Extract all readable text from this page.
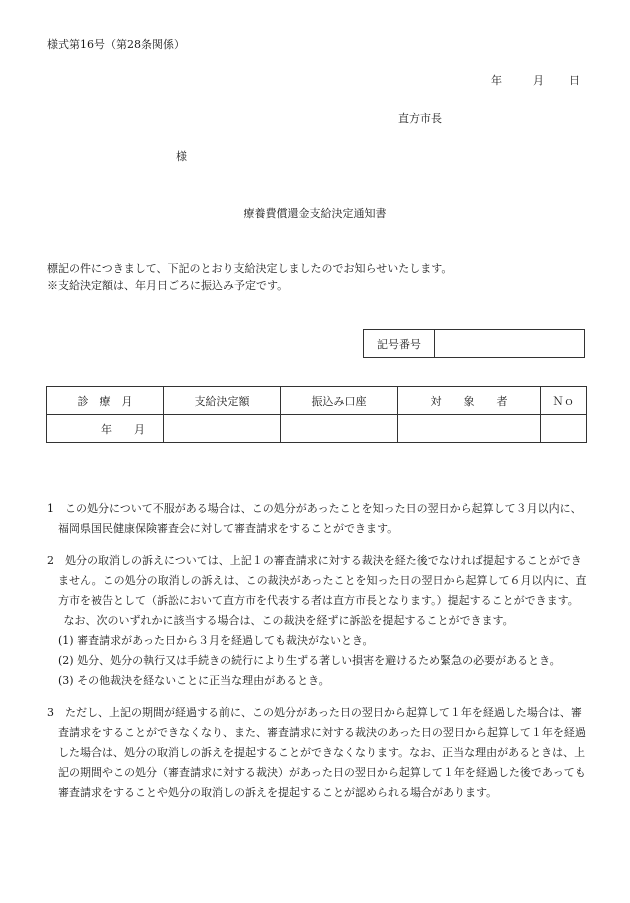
様式第16号（第28条関係）
年	月 日
直方市長
様
療養費償還金支給決定通知書
標記の件につきまして、下記のとおり支給決定しましたのでお知らせいたします。
※支給決定額は、年月日ごろに振込み予定です。
記号番号
診　療　月	支給決定額	振込み口座	対　　象　　者	Ｎｏ
年　　月				

1　この処分について不服がある場合は、この処分があったことを知った日の翌日から起算して３月以内に、福岡県国民健康保険審査会に対して審査請求をすることができます。

2　処分の取消しの訴えについては、上記１の審査請求に対する裁決を経た後でなければ提起することができません。この処分の取消しの訴えは、この裁決があったことを知った日の翌日から起算して６月以内に、直方市を被告として（訴訟において直方市を代表する者は直方市長となります。）提起することができます。

なお、次のいずれかに該当する場合は、この裁決を経ずに訴訟を提起することができます。

(1) 審査請求があった日から３月を経過しても裁決がないとき。

(2) 処分、処分の執行又は手続きの続行により生ずる著しい損害を避けるため緊急の必要があるとき。

(3) その他裁決を経ないことに正当な理由があるとき。

3　ただし、上記の期間が経過する前に、この処分があった日の翌日から起算して１年を経過した場合は、審査請求をすることができなくなり、また、審査請求に対する裁決のあった日の翌日から起算して１年を経過した場合は、処分の取消しの訴えを提起することができなくなります。なお、正当な理由があるときは、上記の期間やこの処分（審査請求に対する裁決）があった日の翌日から起算して１年を経過した後であっても審査請求をすることや処分の取消しの訴えを提起することが認められる場合があります。
